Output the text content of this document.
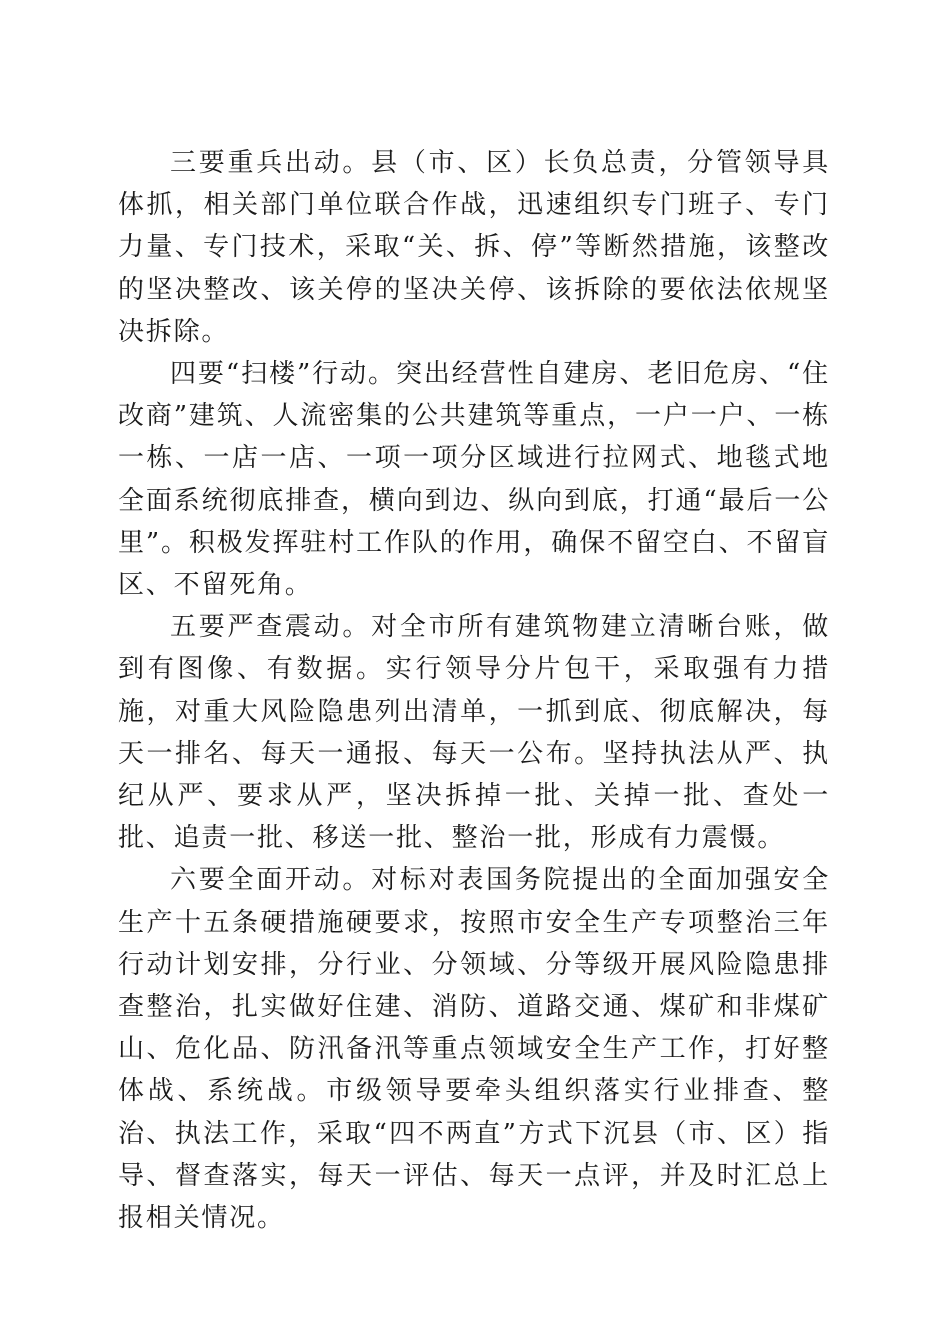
三要重兵出动。县（市、区）长负总责，分管领导具体抓，相关部门单位联合作战，迅速组织专门班子、专门力量、专门技术，采取“关、拆、停”等断然措施，该整改的坚决整改、该关停的坚决关停、该拆除的要依法依规坚决拆除。

四要“扫楼”行动。突出经营性自建房、老旧危房、“住改商”建筑、人流密集的公共建筑等重点，一户一户、一栋一栋、一店一店、一项一项分区域进行拉网式、地毯式地全面系统彻底排查，横向到边、纵向到底，打通“最后一公里”。积极发挥驻村工作队的作用，确保不留空白、不留盲区、不留死角。

五要严查震动。对全市所有建筑物建立清晰台账，做到有图像、有数据。实行领导分片包干，采取强有力措施，对重大风险隐患列出清单，一抓到底、彻底解决，每天一排名、每天一通报、每天一公布。坚持执法从严、执纪从严、要求从严，坚决拆掉一批、关掉一批、查处一批、追责一批、移送一批、整治一批，形成有力震慑。

六要全面开动。对标对表国务院提出的全面加强安全生产十五条硬措施硬要求，按照市安全生产专项整治三年行动计划安排，分行业、分领域、分等级开展风险隐患排查整治，扎实做好住建、消防、道路交通、煤矿和非煤矿山、危化品、防汛备汛等重点领域安全生产工作，打好整体战、系统战。市级领导要牵头组织落实行业排查、整治、执法工作，采取“四不两直”方式下沉县（市、区）指导、督查落实，每天一评估、每天一点评，并及时汇总上报相关情况。
